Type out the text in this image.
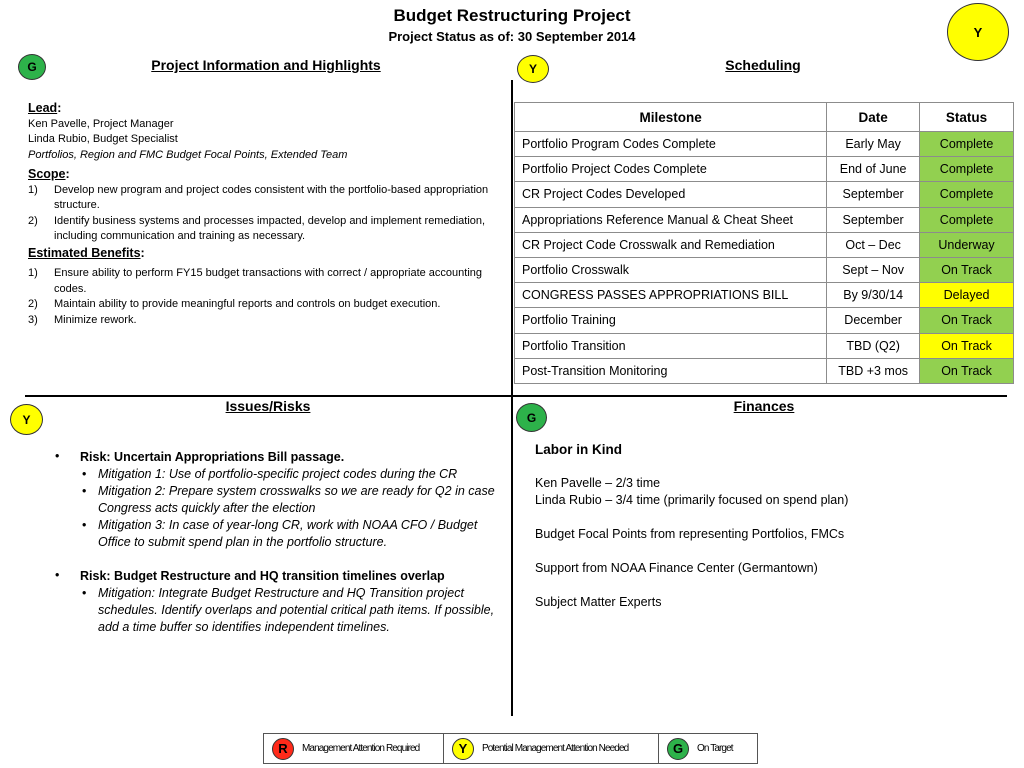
Budget Restructuring Project
Project Status as of: 30 September 2014	Y
G	Project Information and Highlights	Y	Scheduling
Y
Issues/Risks
G
Finances
Lead:
Ken Pavelle, Project Manager
Linda Rubio, Budget Specialist
Portfolios, Region and FMC Budget Focal Points, Extended Team
Scope:
1) Develop new program and project codes consistent with the portfolio-based appropriation structure.
2) Identify business systems and processes impacted, develop and implement remediation, including communication and training as necessary.
Estimated Benefits:
1) Ensure ability to perform FY15 budget transactions with correct / appropriate accounting codes.
2) Maintain ability to provide meaningful reports and controls on budget execution.
3) Minimize rework.
Milestone	Date	Status
Portfolio Program Codes Complete	Early May	Complete
Portfolio Project Codes Complete	End of June	Complete
CR Project Codes Developed	September	Complete
Appropriations Reference Manual & Cheat Sheet	September	Complete
CR Project Code Crosswalk and Remediation	Oct – Dec	Underway
Portfolio Crosswalk	Sept – Nov	On Track
CONGRESS PASSES APPROPRIATIONS BILL	By 9/30/14	Delayed
Portfolio Training	December	On Track
Portfolio Transition	TBD (Q2)	On Track
Post-Transition Monitoring	TBD +3 mos	On Track
• Risk: Uncertain Appropriations Bill passage.
• Mitigation 1: Use of portfolio-specific project codes during the CR
• Mitigation 2: Prepare system crosswalks so we are ready for Q2 in case Congress acts quickly after the election
• Mitigation 3: In case of year-long CR, work with NOAA CFO / Budget Office to submit spend plan in the portfolio structure.
• Risk: Budget Restructure and HQ transition timelines overlap
• Mitigation: Integrate Budget Restructure and HQ Transition project schedules. Identify overlaps and potential critical path items. If possible, add a time buffer so identifies independent timelines.
Labor in Kind
Ken Pavelle – 2/3 time
Linda Rubio – 3/4 time (primarily focused on spend plan)
Budget Focal Points from representing Portfolios, FMCs
Support from NOAA Finance Center (Germantown)
Subject Matter Experts
R	Management Attention Required	Y	Potential Management Attention Needed	G	On Target
